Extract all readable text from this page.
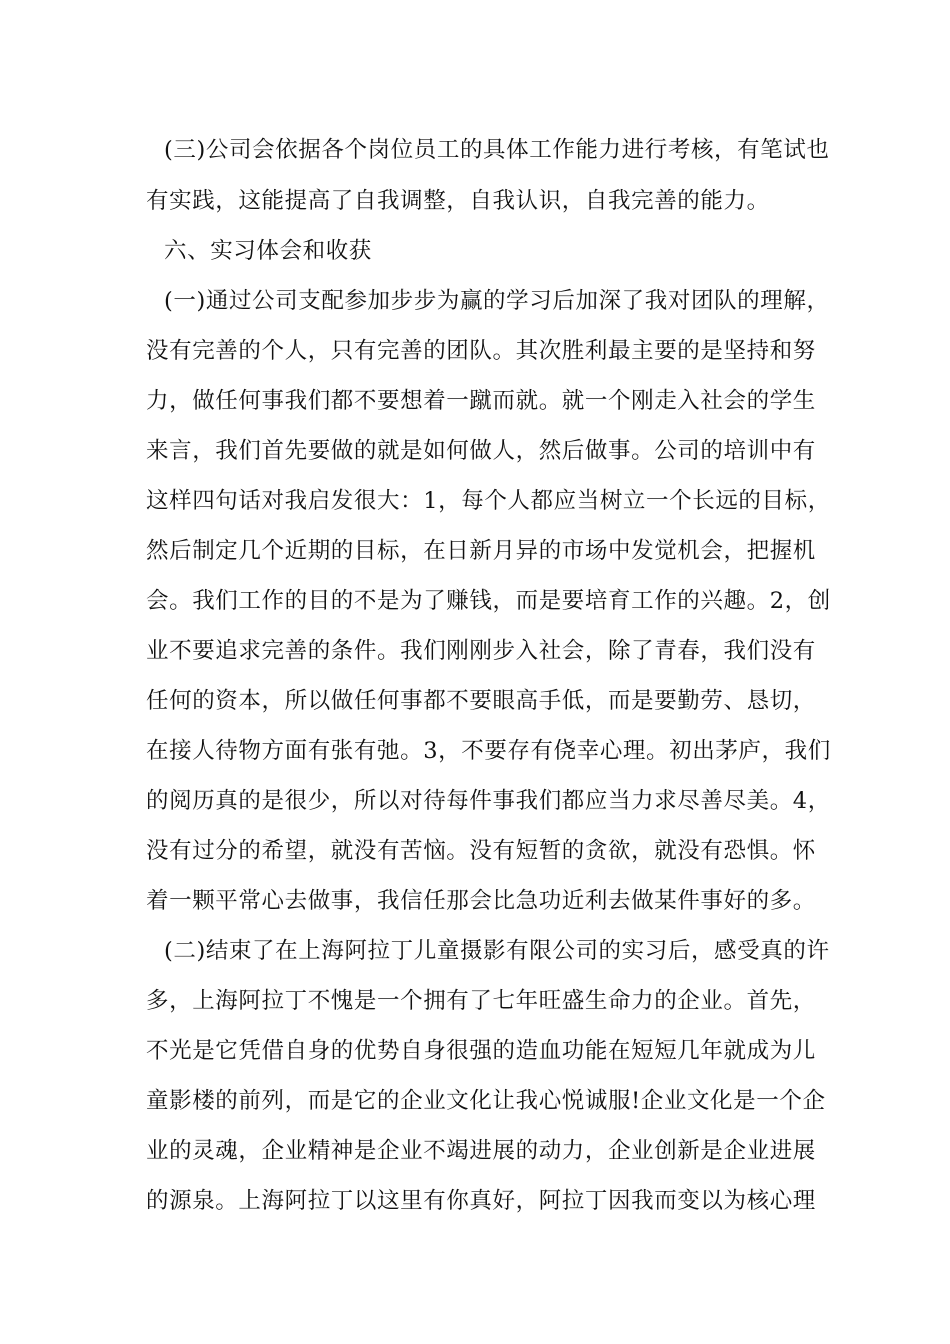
(三)公司会依据各个岗位员工的具体工作能力进行考核，有笔试也
有实践，这能提高了自我调整，自我认识，自我完善的能力。
六、实习体会和收获
(一)通过公司支配参加步步为赢的学习后加深了我对团队的理解，
没有完善的个人，只有完善的团队。其次胜利最主要的是坚持和努
力，做任何事我们都不要想着一蹴而就。就一个刚走入社会的学生
来言，我们首先要做的就是如何做人，然后做事。公司的培训中有
这样四句话对我启发很大：1，每个人都应当树立一个长远的目标，
然后制定几个近期的目标，在日新月异的市场中发觉机会，把握机
会。我们工作的目的不是为了赚钱，而是要培育工作的兴趣。2，创
业不要追求完善的条件。我们刚刚步入社会，除了青春，我们没有
任何的资本，所以做任何事都不要眼高手低，而是要勤劳、恳切，
在接人待物方面有张有弛。3，不要存有侥幸心理。初出茅庐，我们
的阅历真的是很少，所以对待每件事我们都应当力求尽善尽美。4，
没有过分的希望，就没有苦恼。没有短暂的贪欲，就没有恐惧。怀
着一颗平常心去做事，我信任那会比急功近利去做某件事好的多。
(二)结束了在上海阿拉丁儿童摄影有限公司的实习后，感受真的许
多，上海阿拉丁不愧是一个拥有了七年旺盛生命力的企业。首先，
不光是它凭借自身的优势自身很强的造血功能在短短几年就成为儿
童影楼的前列，而是它的企业文化让我心悦诚服!企业文化是一个企
业的灵魂，企业精神是企业不竭进展的动力，企业创新是企业进展
的源泉。上海阿拉丁以这里有你真好，阿拉丁因我而变以为核心理
